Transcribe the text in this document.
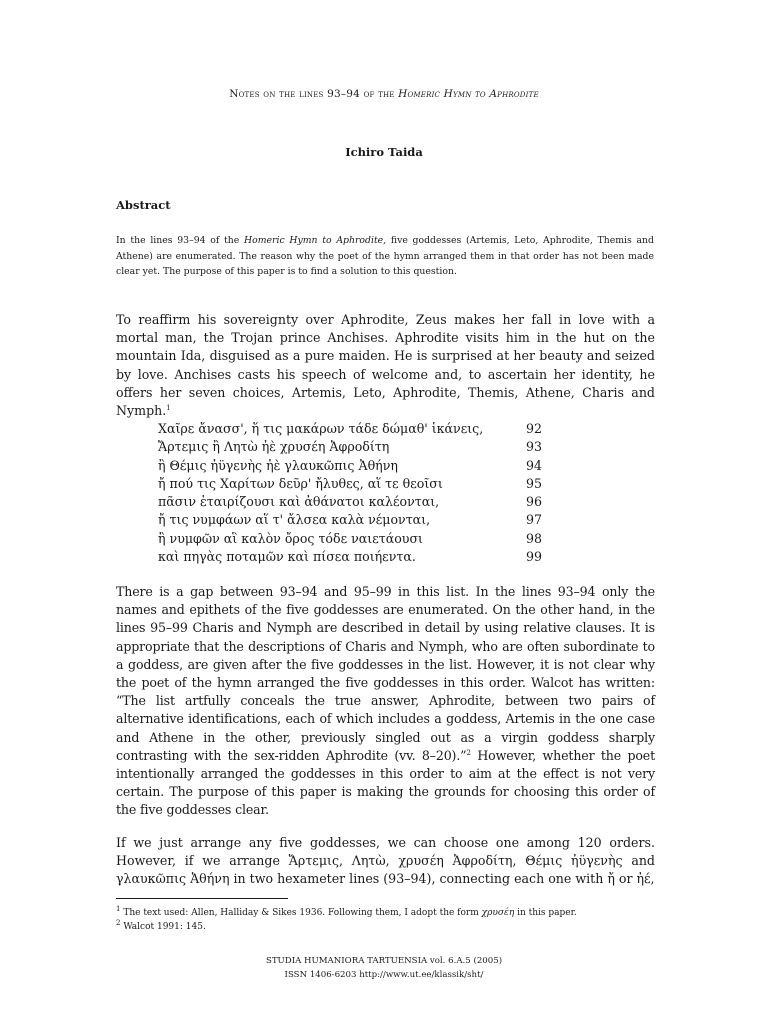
Notes on the lines 93–94 of the Homeric Hymn to Aphrodite
Ichiro Taida
Abstract
In the lines 93–94 of the Homeric Hymn to Aphrodite, five goddesses (Artemis, Leto, Aphrodite, Themis and Athene) are enumerated. The reason why the poet of the hymn arranged them in that order has not been made clear yet. The purpose of this paper is to find a solution to this question.
To reaffirm his sovereignty over Aphrodite, Zeus makes her fall in love with a mortal man, the Trojan prince Anchises. Aphrodite visits him in the hut on the mountain Ida, disguised as a pure maiden. He is surprised at her beauty and seized by love. Anchises casts his speech of welcome and, to ascertain her identity, he offers her seven choices, Artemis, Leto, Aphrodite, Themis, Athene, Charis and Nymph.$^1$
Χαῖρε ἄνασσ', ἥ τις μακάρων τάδε δώμαθ' ἱκάνεις,	92
Ἄρτεμις ἢ Λητὼ ἠὲ χρυσέη Ἀφροδίτη	93
ἢ Θέμις ἠϋγενὴς ἠὲ γλαυκῶπις Ἀθήνη	94
ἤ πού τις Χαρίτων δεῦρ' ἤλυθες, αἵ τε θεοῖσι	95
πᾶσιν ἑταιρίζουσι καὶ ἀθάνατοι καλέονται,	96
ἤ τις νυμφάων αἵ τ' ἄλσεα καλὰ νέμονται,	97
ἢ νυμφῶν αἳ καλὸν ὄρος τόδε ναιετάουσι	98
καὶ πηγὰς ποταμῶν καὶ πίσεα ποιήεντα.	99
There is a gap between 93–94 and 95–99 in this list. In the lines 93–94 only the names and epithets of the five goddesses are enumerated. On the other hand, in the lines 95–99 Charis and Nymph are described in detail by using relative clauses. It is appropriate that the descriptions of Charis and Nymph, who are often subordinate to a goddess, are given after the five goddesses in the list. However, it is not clear why the poet of the hymn arranged the five goddesses in this order. Walcot has written: “The list artfully conceals the true answer, Aphrodite, between two pairs of alternative identifications, each of which includes a goddess, Artemis in the one case and Athene in the other, previously singled out as a virgin goddess sharply contrasting with the sex-ridden Aphrodite (vv. 8–20).”$^2$ However, whether the poet intentionally arranged the goddesses in this order to aim at the effect is not very certain. The purpose of this paper is making the grounds for choosing this order of the five goddesses clear.
If we just arrange any five goddesses, we can choose one among 120 orders. However, if we arrange Ἄρτεμις, Λητὼ, χρυσέη Ἀφροδίτη, Θέμις ἠϋγενὴς and γλαυκῶπις Ἀθήνη in two hexameter lines (93–94), connecting each one with ἤ or ἠέ,
$^1$ The text used: Allen, Halliday & Sikes 1936. Following them, I adopt the form χρυσέη in this paper.
$^2$ Walcot 1991: 145.
STUDIA HUMANIORA TARTUENSIA vol. 6.A.5 (2005)
ISSN 1406-6203 http://www.ut.ee/klassik/sht/
